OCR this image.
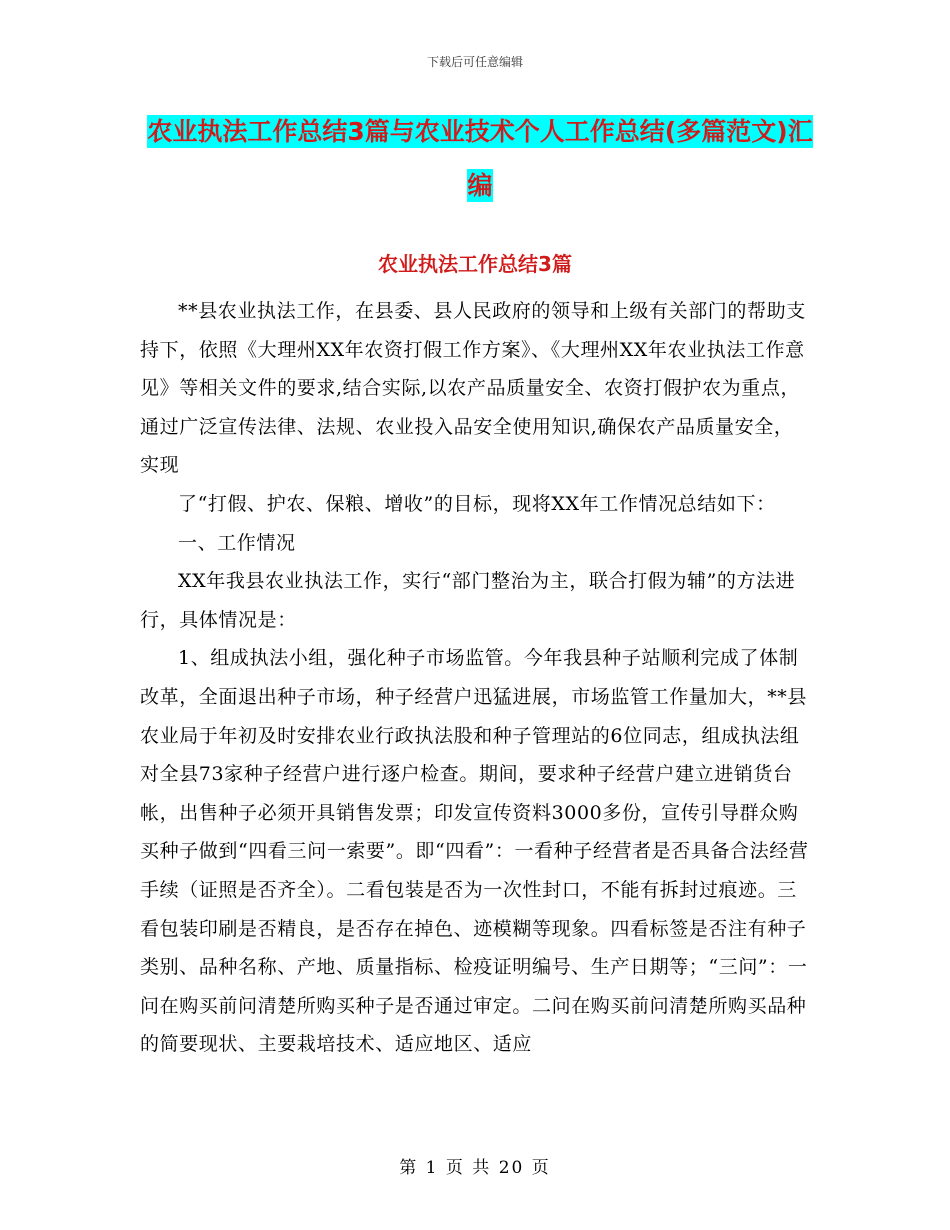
下载后可任意编辑
农业执法工作总结3篇与农业技术个人工作总结(多篇范文)汇编
农业执法工作总结3篇

**县农业执法工作，在县委、县人民政府的领导和上级有关部门的帮助支持下，依照《大理州XX年农资打假工作方案》、《大理州XX年农业执法工作意见》等相关文件的要求,结合实际,以农产品质量安全、农资打假护农为重点，通过广泛宣传法律、法规、农业投入品安全使用知识,确保农产品质量安全，实现

了“打假、护农、保粮、增收”的目标，现将XX年工作情况总结如下：

一、工作情况

XX年我县农业执法工作，实行“部门整治为主，联合打假为辅”的方法进行，具体情况是：

1、组成执法小组，强化种子市场监管。今年我县种子站顺利完成了体制改革，全面退出种子市场，种子经营户迅猛进展，市场监管工作量加大，**县农业局于年初及时安排农业行政执法股和种子管理站的6位同志，组成执法组对全县73家种子经营户进行逐户检查。期间，要求种子经营户建立进销货台帐，出售种子必须开具销售发票；印发宣传资料3000多份，宣传引导群众购买种子做到“四看三问一索要”。即“四看”：一看种子经营者是否具备合法经营手续（证照是否齐全）。二看包装是否为一次性封口，不能有拆封过痕迹。三看包装印刷是否精良，是否存在掉色、迹模糊等现象。四看标签是否注有种子类别、品种名称、产地、质量指标、检疫证明编号、生产日期等；“三问”：一问在购买前问清楚所购买种子是否通过审定。二问在购买前问清楚所购买品种的简要现状、主要栽培技术、适应地区、适应

第 1 页 共 20 页
